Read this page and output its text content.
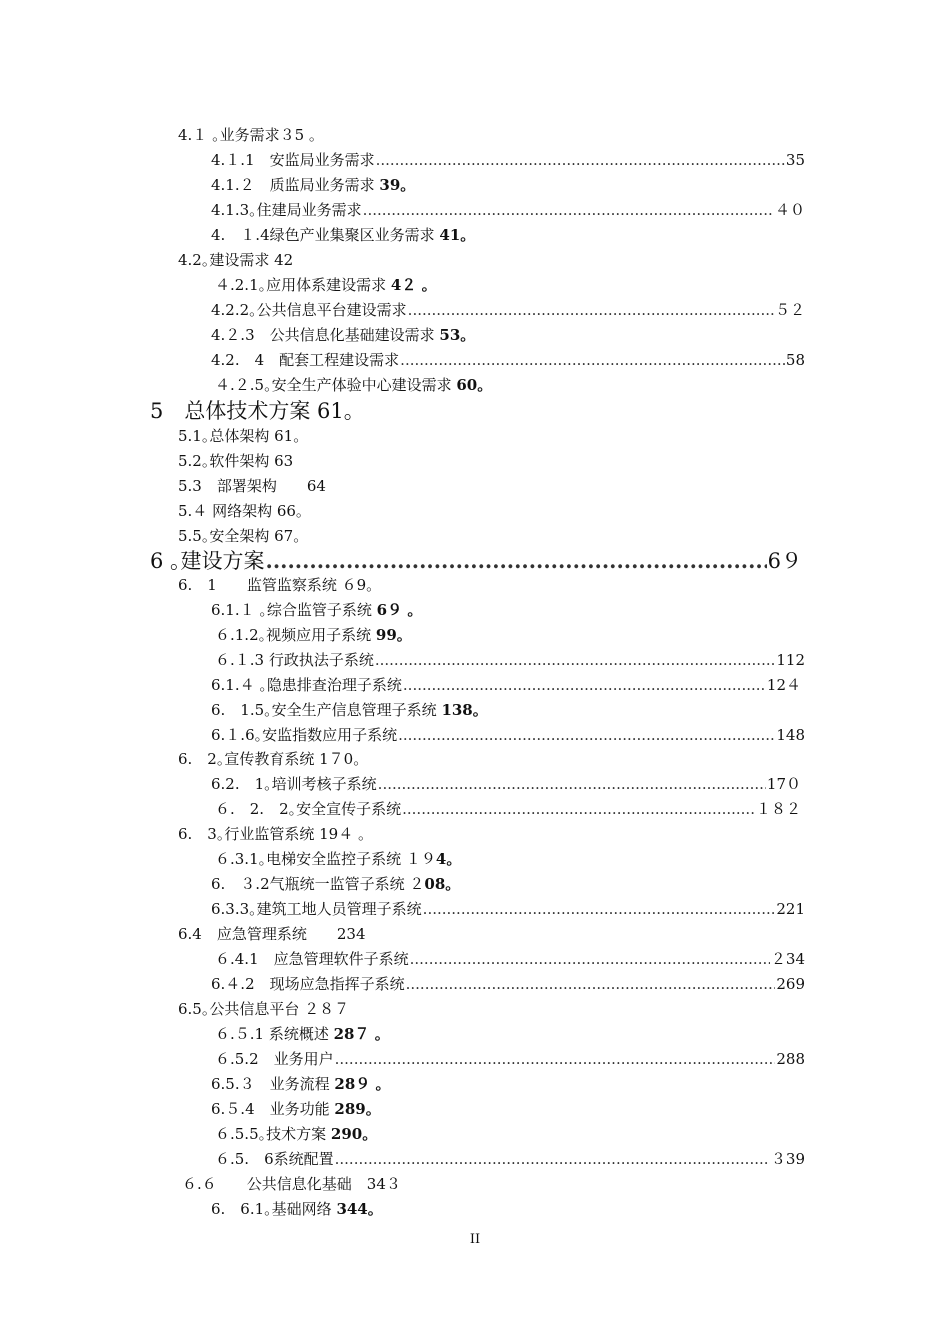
4.１ ｡业务需求３5 ｡
4.１.1　安监局业务需求 .....	35
4.1.２　质监局业务需求 39｡
4.1.3｡住建局业务需求 .....	４０
4.　１.4绿色产业集聚区业务需求 41｡
4.2｡建设需求 42
４.2.1｡应用体系建设需求 4２ ｡
4.2.2｡公共信息平台建设需求 .....	５２
4.２.3　公共信息化基础建设需求 53｡
4.2.　4　配套工程建设需求 .....	58
４.２.5｡安全生产体验中心建设需求 60｡
5　总体技术方案 61｡
5.1｡总体架构 61｡
5.2｡软件架构 63
5.3　部署架构　　64
5.４ 网络架构 66｡
5.5｡安全架构 67｡
6 ｡建设方案 .....	6９
6.　1　　监管监察系统 ６9｡
6.1.１ ｡综合监管子系统 6９ ｡
６.1.2｡视频应用子系统 99｡
６.１.3 行政执法子系统 .....	112
6.1.４ ｡隐患排查治理子系统 .....	12４
6.　1.5｡安全生产信息管理子系统 138｡
6.１.6｡安监指数应用子系统 .....	148
6.　2｡宣传教育系统 1７0｡
6.2.　1｡培训考核子系统 .....	17０
６.　2.　2｡安全宣传子系统 .....	１８２
6.　3｡行业监管系统 19４ ｡
６.3.1｡电梯安全监控子系统 １９ 4｡
6.　３.2气瓶统一监管子系统 ２ 08｡
6.3.3｡建筑工地人员管理子系统 .....	221
6.4　应急管理系统　　234
６.4.1　应急管理软件子系统 .....	２34
6.４.2　现场应急指挥子系统 .....	269
6.5｡公共信息平台 ２８７
６.５.1 系统概述 28７ ｡
６.5.2　业务用户 .....	288
6.5.３　业务流程 28９ ｡
6.５.4　业务功能 289｡
６.5.5｡技术方案 290｡
６.5.　6系统配置 .....	３39
６.６　　公共信息化基础　34３
6.　6.1｡基础网络 344｡
II
